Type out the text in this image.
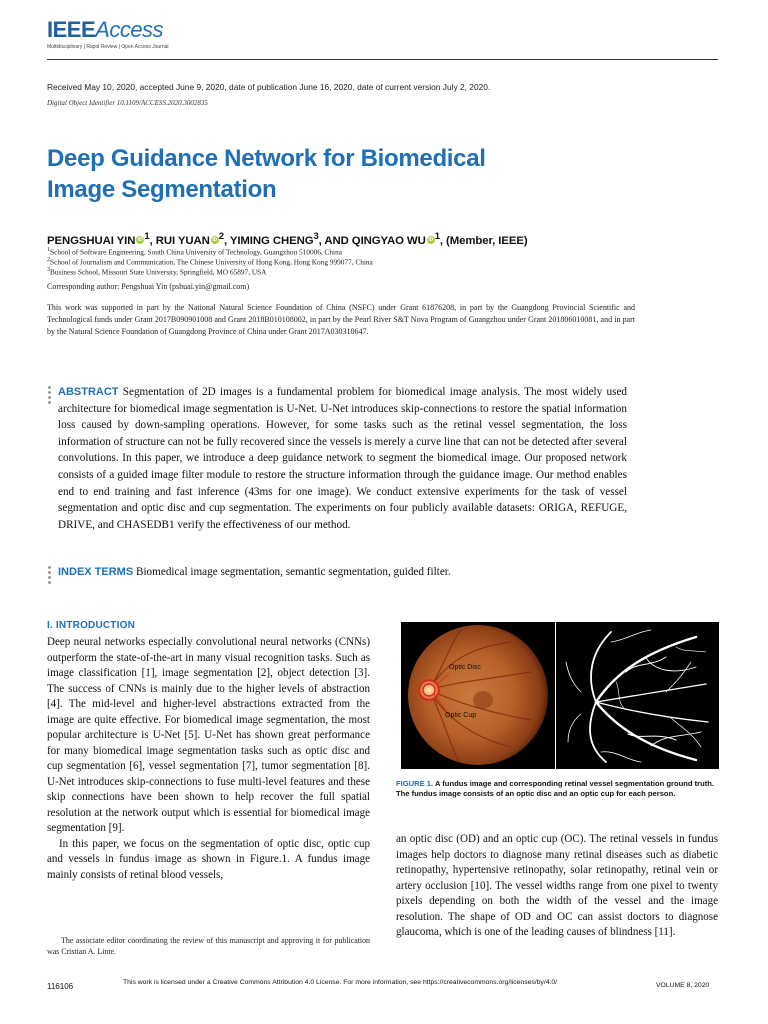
IEEEAccess
Multidisciplinary | Rapid Review | Open Access Journal
Received May 10, 2020, accepted June 9, 2020, date of publication June 16, 2020, date of current version July 2, 2020.
Digital Object Identifier 10.1109/ACCESS.2020.3002835
Deep Guidance Network for Biomedical
Image Segmentation
PENGSHUAI YIN iD $^1$, RUI YUAN iD $^2$, YIMING CHENG$^3$, AND QINGYAO WU iD $^1$, (Member, IEEE)
$^1$School of Software Engineering, South China University of Technology, Guangzhou 510006, China
$^2$School of Journalism and Communication, The Chinese University of Hong Kong, Hong Kong 999077, China
$^3$Business School, Missouri State University, Springfield, MO 65897, USA
Corresponding author: Pengshuai Yin (pshuai.yin@gmail.com)
This work was supported in part by the National Natural Science Foundation of China (NSFC) under Grant 61876208, in part by the Guangdong Provincial Scientific and Technological funds under Grant 2017B090901008 and Grant 2018B010108002, in part by the Pearl River S&T Nova Program of Guangzhou under Grant 201806010081, and in part by the Natural Science Foundation of Guangdong Province of China under Grant 2017A030310647.
ABSTRACT Segmentation of 2D images is a fundamental problem for biomedical image analysis. The most widely used architecture for biomedical image segmentation is U-Net. U-Net introduces skip-connections to restore the spatial information loss caused by down-sampling operations. However, for some tasks such as the retinal vessel segmentation, the loss information of structure can not be fully recovered since the vessels is merely a curve line that can not be detected after several convolutions. In this paper, we introduce a deep guidance network to segment the biomedical image. Our proposed network consists of a guided image filter module to restore the structure information through the guidance image. Our method enables end to end training and fast inference (43ms for one image). We conduct extensive experiments for the task of vessel segmentation and optic disc and cup segmentation. The experiments on four publicly available datasets: ORIGA, REFUGE, DRIVE, and CHASEDB1 verify the effectiveness of our method.
INDEX TERMS Biomedical image segmentation, semantic segmentation, guided filter.
I. INTRODUCTION

Deep neural networks especially convolutional neural networks (CNNs) outperform the state-of-the-art in many visual recognition tasks. Such as image classification [1], image segmentation [2], object detection [3]. The success of CNNs is mainly due to the higher levels of abstraction [4]. The mid-level and higher-level abstractions extracted from the image are quite effective. For biomedical image segmentation, the most popular architecture is U-Net [5]. U-Net has shown great performance for many biomedical image segmentation tasks such as optic disc and cup segmentation [6], vessel segmentation [7], tumor segmentation [8]. U-Net introduces skip-connections to fuse multi-level features and these skip connections have been shown to help recover the full spatial resolution at the network output which is essential for biomedical image segmentation [9].

In this paper, we focus on the segmentation of optic disc, optic cup and vessels in fundus image as shown in Figure.1. A fundus image mainly consists of retinal blood vessels,

The associate editor coordinating the review of this manuscript and approving it for publication was Cristian A. Linte.
Optic Disc
Optic Cup
FIGURE 1. A fundus image and corresponding retinal vessel segmentation ground truth. The fundus image consists of an optic disc and an optic cup for each person.

an optic disc (OD) and an optic cup (OC). The retinal vessels in fundus images help doctors to diagnose many retinal diseases such as diabetic retinopathy, hypertensive retinopathy, solar retinopathy, retinal vein or artery occlusion [10]. The vessel widths range from one pixel to twenty pixels depending on both the width of the vessel and the image resolution. The shape of OD and OC can assist doctors to diagnose glaucoma, which is one of the leading causes of blindness [11].

116106	This work is licensed under a Creative Commons Attribution 4.0 License. For more information, see https://creativecommons.org/licenses/by/4.0/	VOLUME 8, 2020
